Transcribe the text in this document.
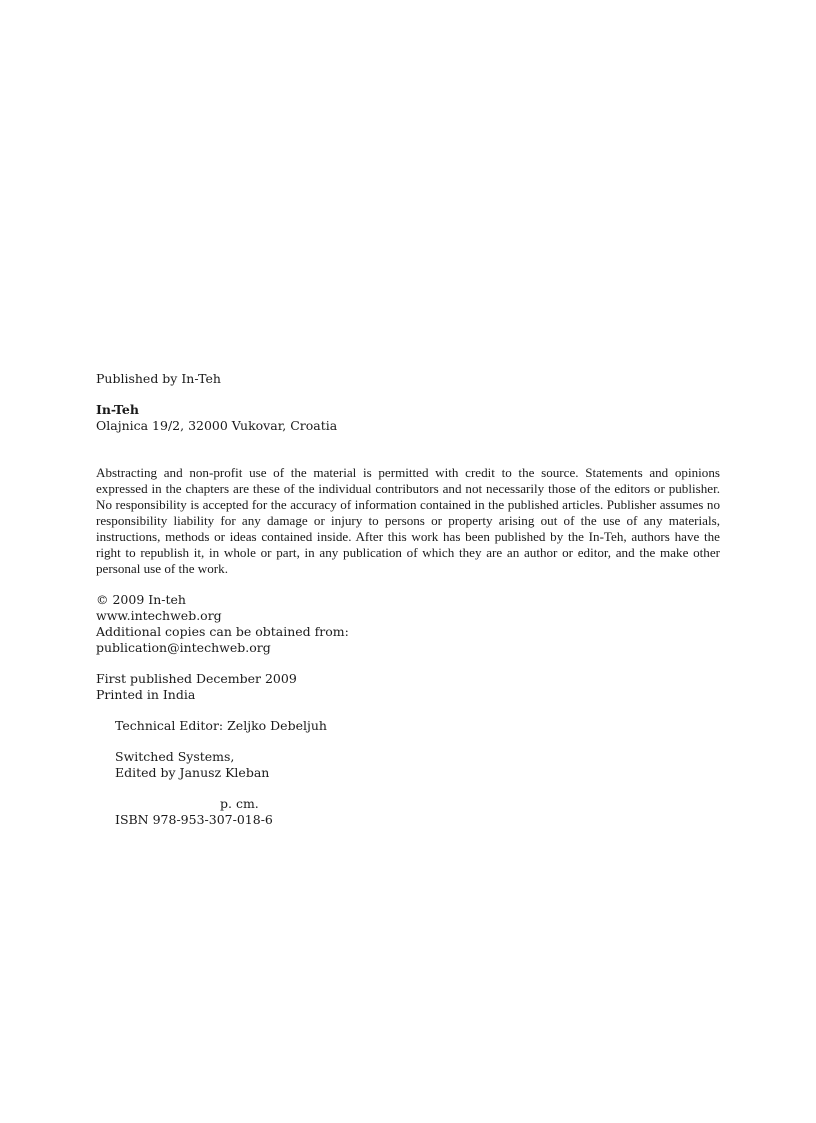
Published by In-Teh
In-Teh
Olajnica 19/2, 32000 Vukovar, Croatia
Abstracting and non-profit use of the material is permitted with credit to the source. Statements and opinions expressed in the chapters are these of the individual contributors and not necessarily those of the editors or publisher. No responsibility is accepted for the accuracy of information contained in the published articles. Publisher assumes no responsibility liability for any damage or injury to persons or property arising out of the use of any materials, instructions, methods or ideas contained inside. After this work has been published by the In-Teh, authors have the right to republish it, in whole or part, in any publication of which they are an author or editor, and the make other personal use of the work.
© 2009 In-teh
www.intechweb.org
Additional copies can be obtained from:
publication@intechweb.org
First published December 2009
Printed in India
Technical Editor: Zeljko Debeljuh
Switched Systems,
Edited by Janusz Kleban
p. cm.
ISBN 978-953-307-018-6
